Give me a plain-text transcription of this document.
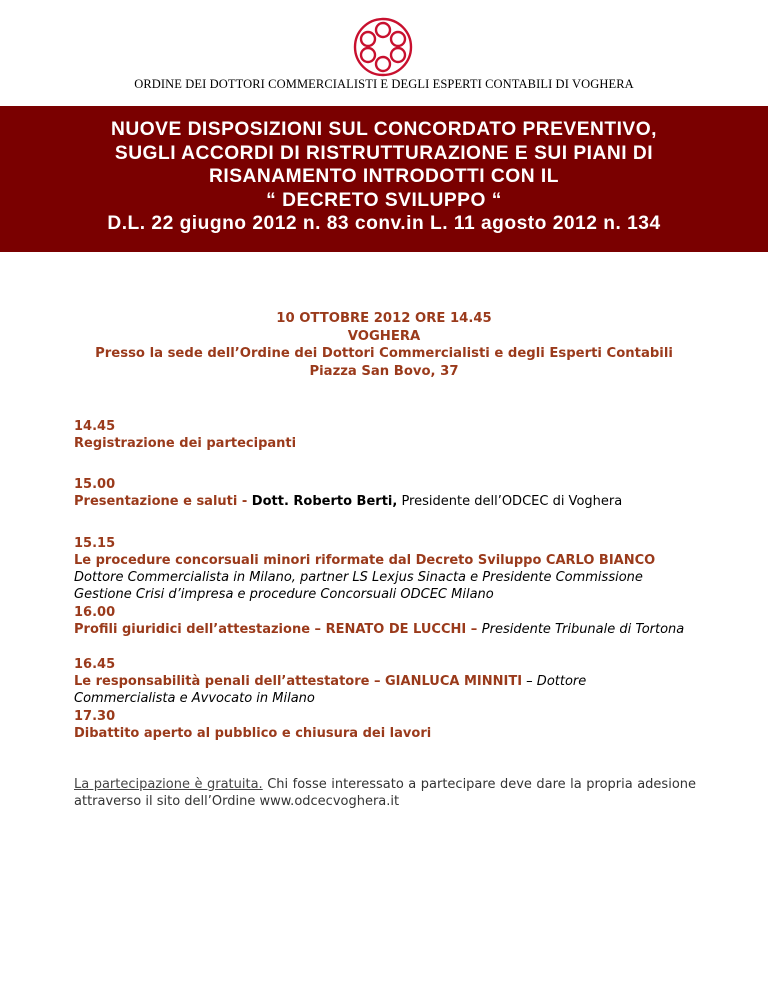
ORDINE DEI DOTTORI COMMERCIALISTI E DEGLI ESPERTI CONTABILI DI VOGHERA
NUOVE DISPOSIZIONI SUL CONCORDATO PREVENTIVO,
SUGLI ACCORDI DI RISTRUTTURAZIONE E SUI PIANI DI
RISANAMENTO INTRODOTTI CON IL
“ DECRETO SVILUPPO “
D.L. 22 giugno 2012 n. 83 conv.in L. 11 agosto 2012 n. 134
10 OTTOBRE 2012 ORE 14.45
VOGHERA
Presso la sede dell’Ordine dei Dottori Commercialisti e degli Esperti Contabili
Piazza San Bovo, 37
14.45
Registrazione dei partecipanti
15.00
Presentazione e saluti - Dott. Roberto Berti, Presidente dell’ODCEC di Voghera
15.15
Le procedure concorsuali minori riformate dal Decreto Sviluppo CARLO BIANCO
Dottore Commercialista in Milano, partner LS Lexjus Sinacta e Presidente Commissione
Gestione Crisi d’impresa e procedure Concorsuali ODCEC Milano
16.00
Profili giuridici dell’attestazione – RENATO DE LUCCHI – Presidente Tribunale di Tortona
16.45
Le responsabilità penali dell’attestatore – GIANLUCA MINNITI – Dottore
Commercialista e Avvocato in Milano
17.30
Dibattito aperto al pubblico e chiusura dei lavori
La partecipazione è gratuita. Chi fosse interessato a partecipare deve dare la propria adesione attraverso il sito dell’Ordine www.odcecvoghera.it
